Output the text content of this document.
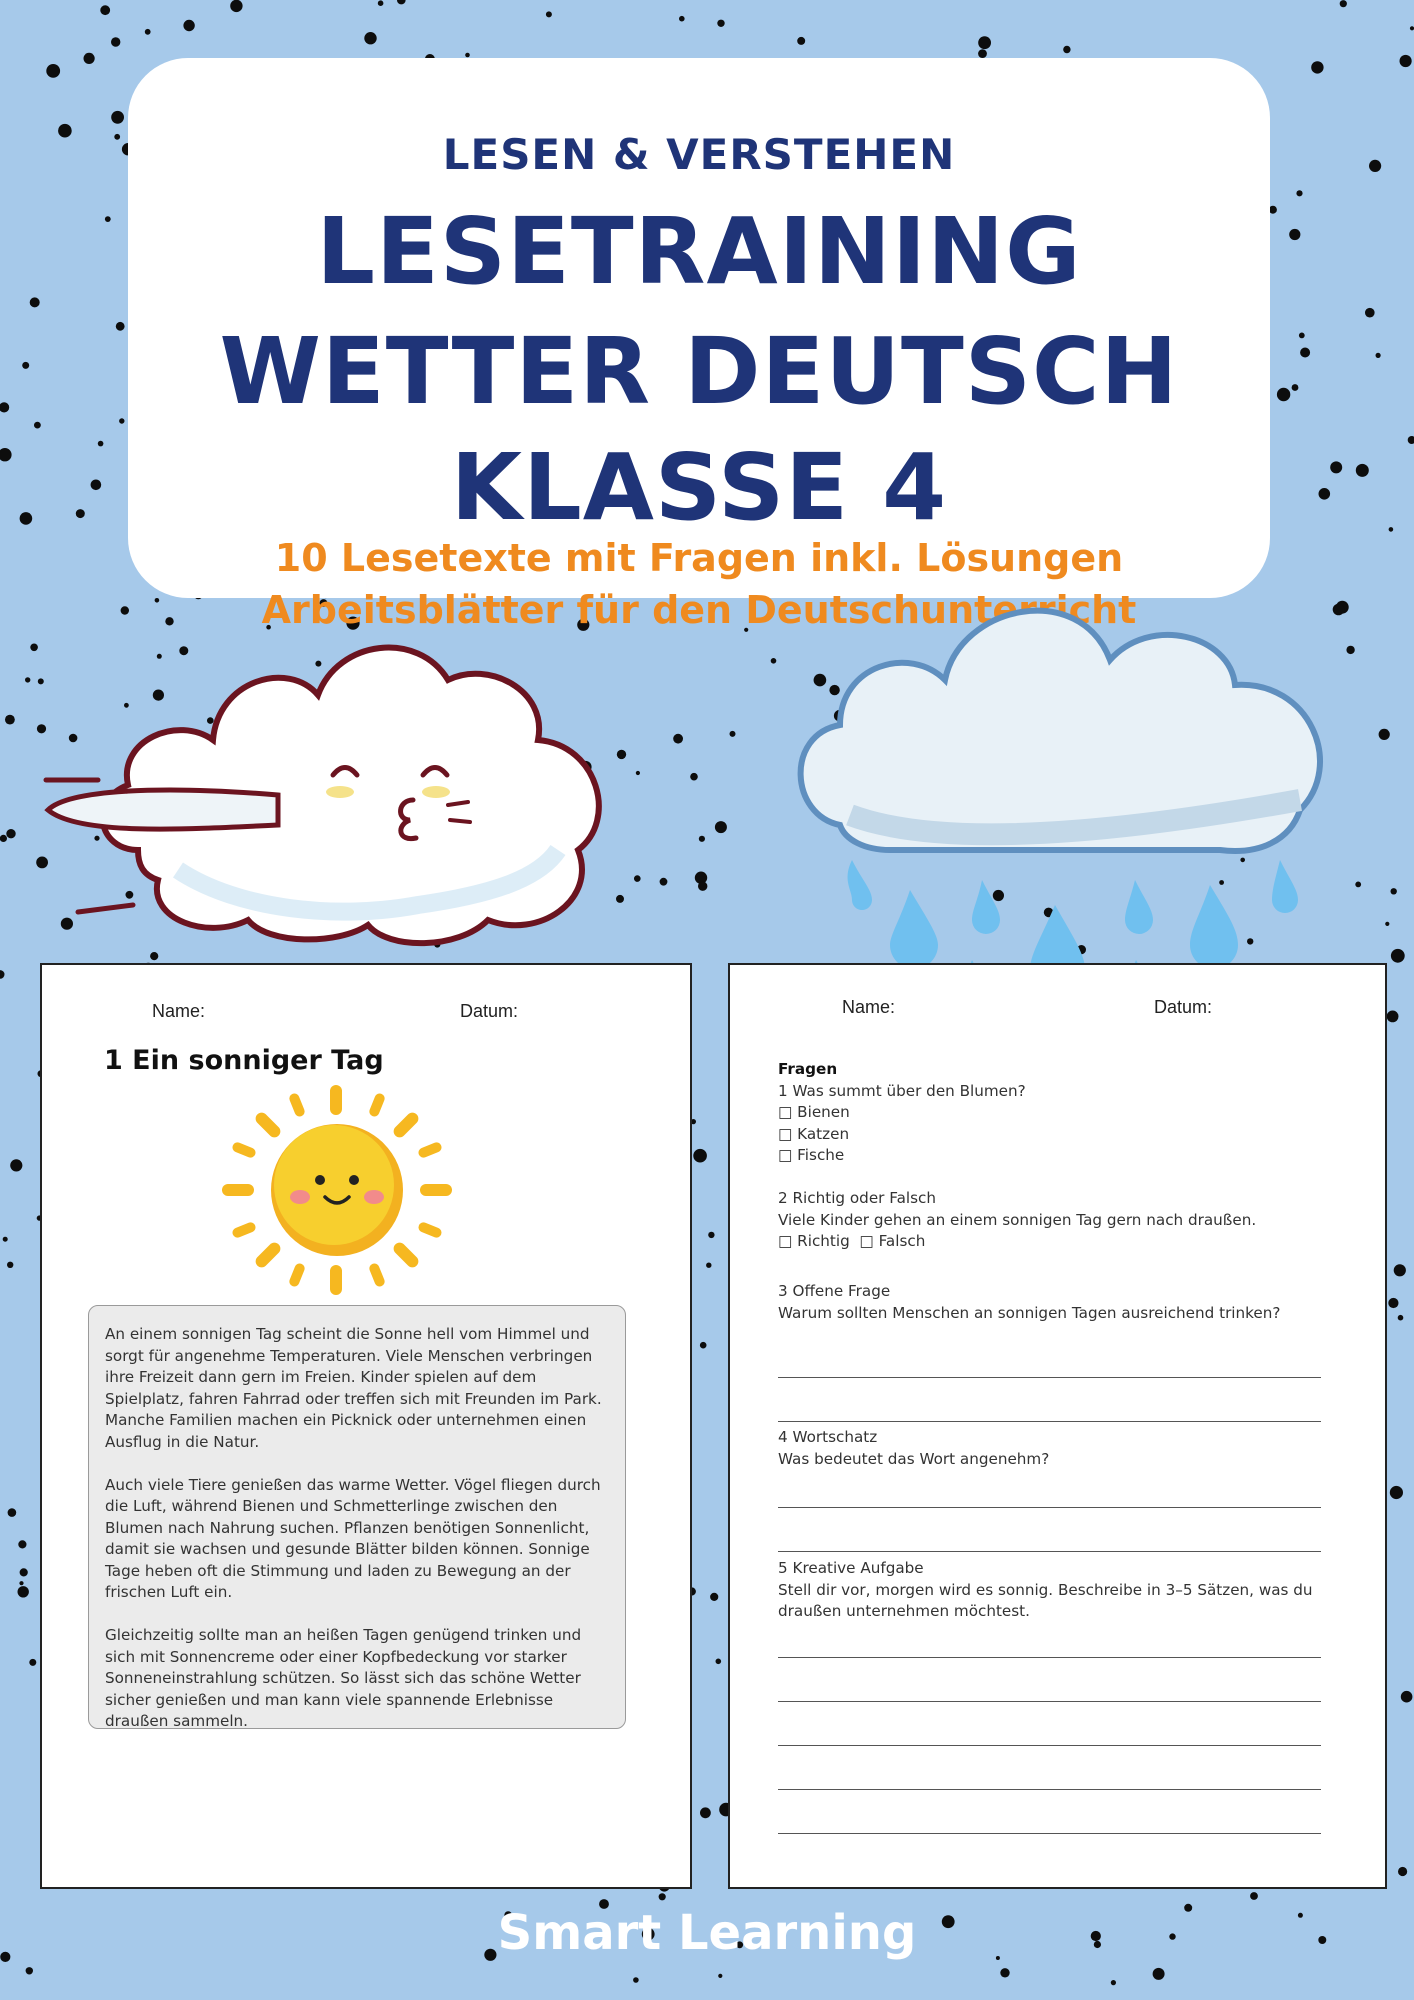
LESEN & VERSTEHEN
LESETRAINING
WETTER DEUTSCH
KLASSE 4
10 Lesetexte mit Fragen inkl. Lösungen
Arbeitsblätter für den Deutschunterricht
Name:	Datum:
1 Ein sonniger Tag

An einem sonnigen Tag scheint die Sonne hell vom Himmel und sorgt für angenehme Temperaturen. Viele Menschen verbringen ihre Freizeit dann gern im Freien. Kinder spielen auf dem Spielplatz, fahren Fahrrad oder treffen sich mit Freunden im Park. Manche Familien machen ein Picknick oder unternehmen einen Ausflug in die Natur.

Auch viele Tiere genießen das warme Wetter. Vögel fliegen durch die Luft, während Bienen und Schmetterlinge zwischen den Blumen nach Nahrung suchen. Pflanzen benötigen Sonnenlicht, damit sie wachsen und gesunde Blätter bilden können. Sonnige Tage heben oft die Stimmung und laden zu Bewegung an der frischen Luft ein.

Gleichzeitig sollte man an heißen Tagen genügend trinken und sich mit Sonnencreme oder einer Kopfbedeckung vor starker Sonneneinstrahlung schützen. So lässt sich das schöne Wetter sicher genießen und man kann viele spannende Erlebnisse draußen sammeln.

Name:	Datum:
Fragen
1 Was summt über den Blumen?
□ Bienen
□ Katzen
□ Fische
2 Richtig oder Falsch
Viele Kinder gehen an einem sonnigen Tag gern nach draußen.
□ Richtig  □ Falsch
3 Offene Frage
Warum sollten Menschen an sonnigen Tagen ausreichend trinken?
4 Wortschatz
Was bedeutet das Wort angenehm?
5 Kreative Aufgabe
Stell dir vor, morgen wird es sonnig. Beschreibe in 3–5 Sätzen, was du
draußen unternehmen möchtest.
Smart Learning
